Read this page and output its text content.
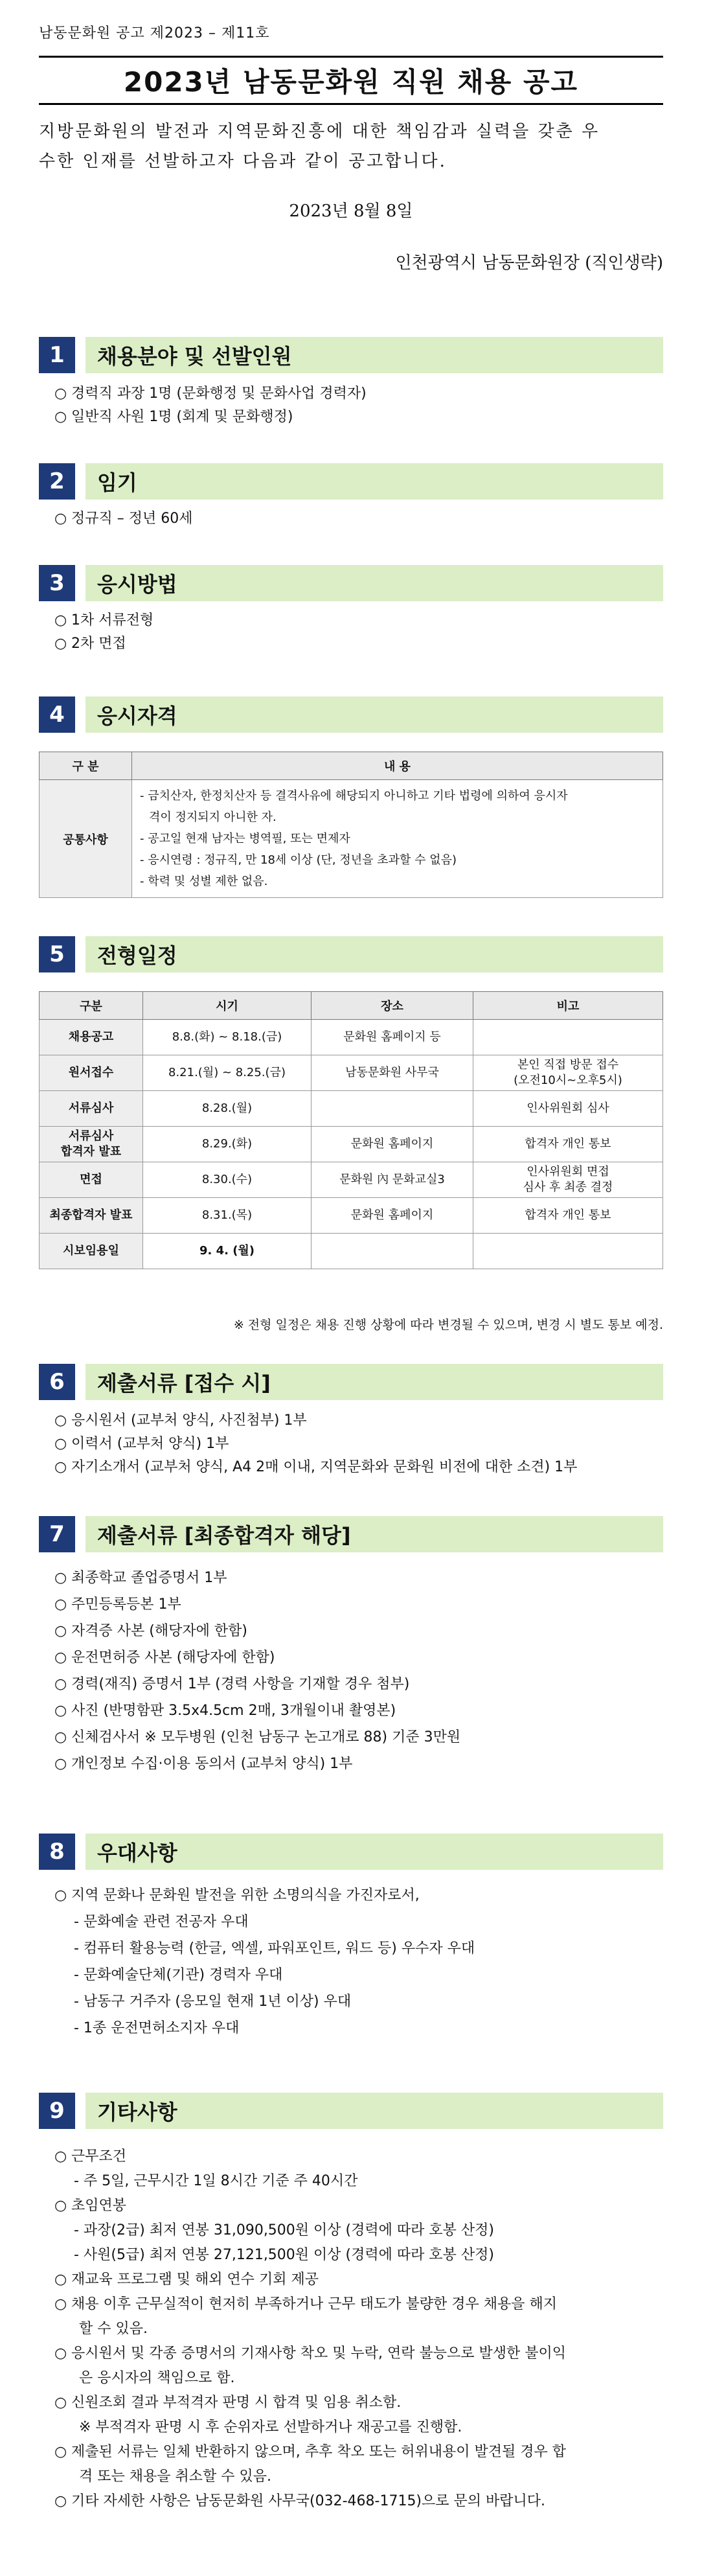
남동문화원 공고 제2023 – 제11호
2023년 남동문화원 직원 채용 공고
지방문화원의 발전과 지역문화진흥에 대한 책임감과 실력을 갖춘 우
수한 인재를 선발하고자 다음과 같이 공고합니다.
2023년 8월 8일
인천광역시 남동문화원장 (직인생략)
1	채용분야 및 선발인원
○ 경력직 과장 1명 (문화행정 및 문화사업 경력자)
○ 일반직 사원 1명 (회계 및 문화행정)
2	임기
○ 정규직 – 정년 60세
3	응시방법
○ 1차 서류전형
○ 2차 면접
4	응시자격
구 분	내 용
공통사항	- 금치산자, 한정치산자 등 결격사유에 해당되지 아니하고 기타 법령에 의하여 응시자
격이 정지되지 아니한 자.
- 공고일 현재 남자는 병역필, 또는 면제자
- 응시연령 : 정규직, 만 18세 이상 (단, 정년을 초과할 수 없음)
- 학력 및 성별 제한 없음.
5	전형일정
구분	시기	장소	비고
채용공고	8.8.(화) ~ 8.18.(금)	문화원 홈페이지 등	
원서접수	8.21.(월) ~ 8.25.(금)	남동문화원 사무국	본인 직접 방문 접수
(오전10시~오후5시)
서류심사	8.28.(월)		인사위원회 심사
서류심사
합격자 발표	8.29.(화)	문화원 홈페이지	합격자 개인 통보
면접	8.30.(수)	문화원 內 문화교실3	인사위원회 면접
심사 후 최종 결정
최종합격자 발표	8.31.(목)	문화원 홈페이지	합격자 개인 통보
시보임용일	9. 4. (월)		
※ 전형 일정은 채용 진행 상황에 따라 변경될 수 있으며, 변경 시 별도 통보 예정.
6	제출서류 [접수 시]
○ 응시원서 (교부처 양식, 사진첨부) 1부
○ 이력서 (교부처 양식) 1부
○ 자기소개서 (교부처 양식, A4 2매 이내, 지역문화와 문화원 비전에 대한 소견) 1부
7	제출서류 [최종합격자 해당]
○ 최종학교 졸업증명서 1부
○ 주민등록등본 1부
○ 자격증 사본 (해당자에 한함)
○ 운전면허증 사본 (해당자에 한함)
○ 경력(재직) 증명서 1부 (경력 사항을 기재할 경우 첨부)
○ 사진 (반명함판 3.5x4.5cm 2매, 3개월이내 촬영본)
○ 신체검사서 ※ 모두병원 (인천 남동구 논고개로 88) 기준 3만원
○ 개인정보 수집·이용 동의서 (교부처 양식) 1부
8	우대사항
○ 지역 문화나 문화원 발전을 위한 소명의식을 가진자로서,
- 문화예술 관련 전공자 우대
- 컴퓨터 활용능력 (한글, 엑셀, 파워포인트, 워드 등) 우수자 우대
- 문화예술단체(기관) 경력자 우대
- 남동구 거주자 (응모일 현재 1년 이상) 우대
- 1종 운전면허소지자 우대
9	기타사항
○ 근무조건
- 주 5일, 근무시간 1일 8시간 기준 주 40시간
○ 초임연봉
- 과장(2급) 최저 연봉 31,090,500원 이상 (경력에 따라 호봉 산정)
- 사원(5급) 최저 연봉 27,121,500원 이상 (경력에 따라 호봉 산정)
○ 재교육 프로그램 및 해외 연수 기회 제공
○ 채용 이후 근무실적이 현저히 부족하거나 근무 태도가 불량한 경우 채용을 해지
할 수 있음.
○ 응시원서 및 각종 증명서의 기재사항 착오 및 누락, 연락 불능으로 발생한 불이익
은 응시자의 책임으로 함.
○ 신원조회 결과 부적격자 판명 시 합격 및 임용 취소함.
※ 부적격자 판명 시 후 순위자로 선발하거나 재공고를 진행함.
○ 제출된 서류는 일체 반환하지 않으며, 추후 착오 또는 허위내용이 발견될 경우 합
격 또는 채용을 취소할 수 있음.
○ 기타 자세한 사항은 남동문화원 사무국(032-468-1715)으로 문의 바랍니다.
